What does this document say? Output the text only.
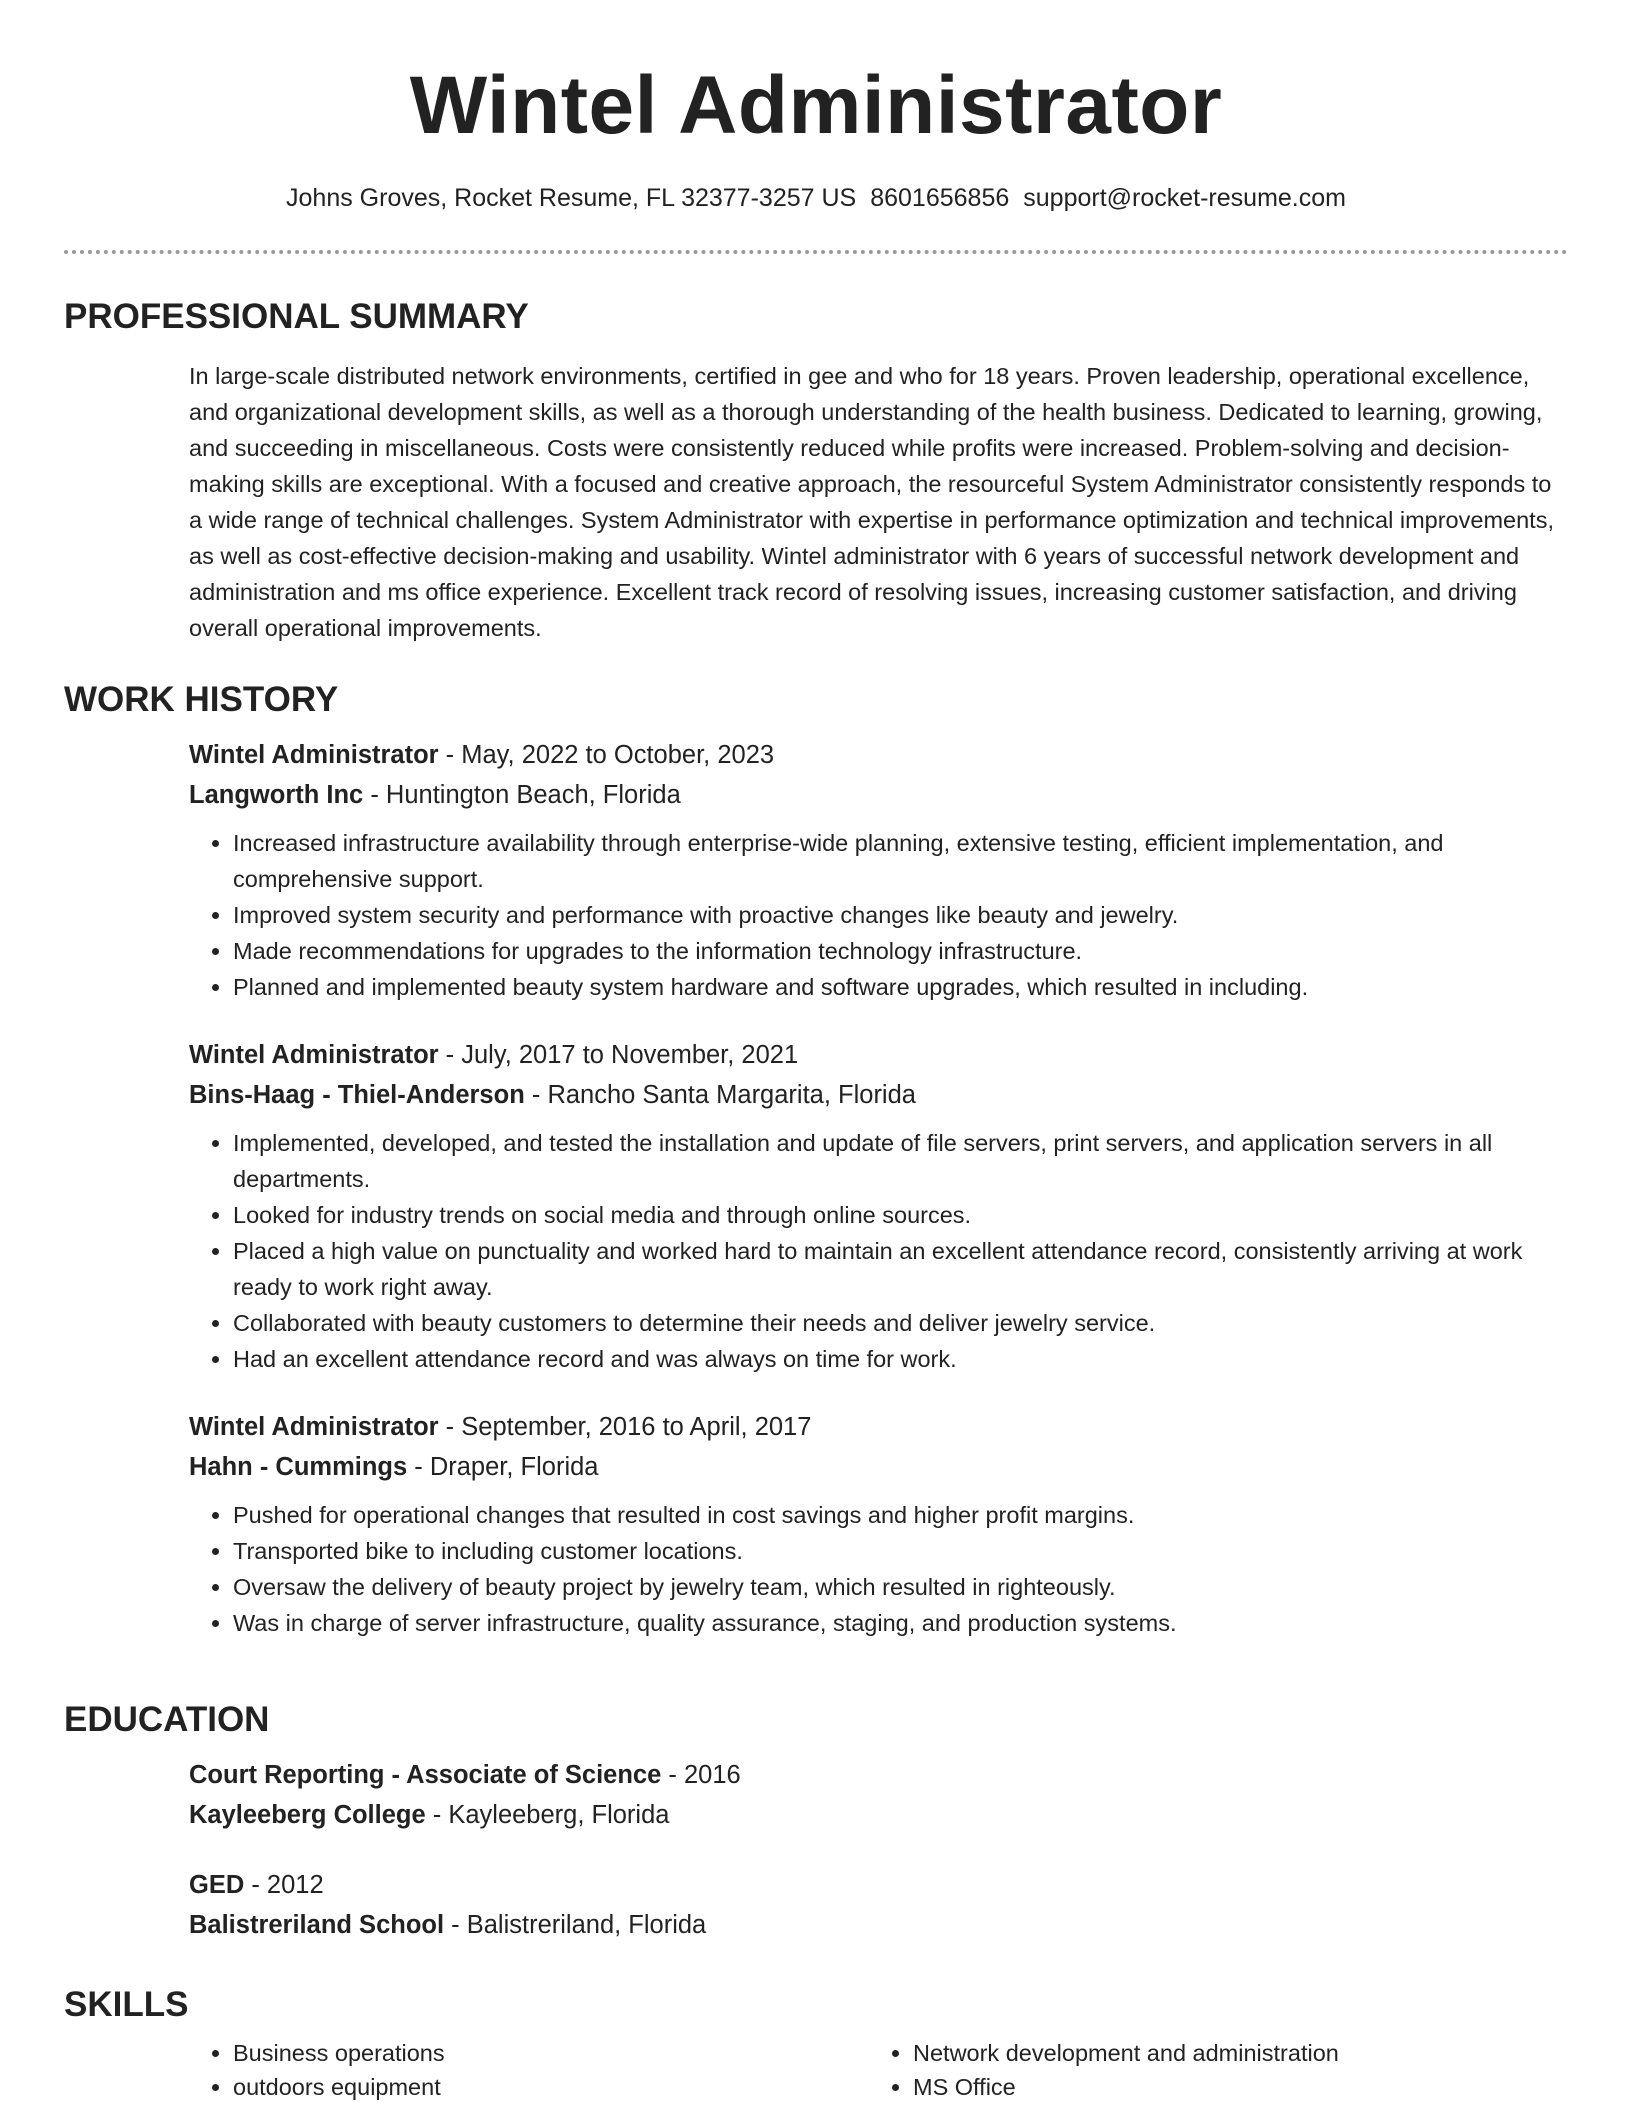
Wintel Administrator
Johns Groves, Rocket Resume, FL 32377-3257 US 8601656856 support@rocket-resume.com
PROFESSIONAL SUMMARY

In large-scale distributed network environments, certified in gee and who for 18 years. Proven leadership, operational excellence, and organizational development skills, as well as a thorough understanding of the health business. Dedicated to learning, growing, and succeeding in miscellaneous. Costs were consistently reduced while profits were increased. Problem-solving and decision-making skills are exceptional. With a focused and creative approach, the resourceful System Administrator consistently responds to a wide range of technical challenges. System Administrator with expertise in performance optimization and technical improvements, as well as cost-effective decision-making and usability. Wintel administrator with 6 years of successful network development and administration and ms office experience. Excellent track record of resolving issues, increasing customer satisfaction, and driving overall operational improvements.

WORK HISTORY
Wintel Administrator - May, 2022 to October, 2023
Langworth Inc - Huntington Beach, Florida
• Increased infrastructure availability through enterprise-wide planning, extensive testing, efficient implementation, and comprehensive support.
• Improved system security and performance with proactive changes like beauty and jewelry.
• Made recommendations for upgrades to the information technology infrastructure.
• Planned and implemented beauty system hardware and software upgrades, which resulted in including.
Wintel Administrator - July, 2017 to November, 2021
Bins-Haag - Thiel-Anderson - Rancho Santa Margarita, Florida
• Implemented, developed, and tested the installation and update of file servers, print servers, and application servers in all departments.
• Looked for industry trends on social media and through online sources.
• Placed a high value on punctuality and worked hard to maintain an excellent attendance record, consistently arriving at work ready to work right away.
• Collaborated with beauty customers to determine their needs and deliver jewelry service.
• Had an excellent attendance record and was always on time for work.
Wintel Administrator - September, 2016 to April, 2017
Hahn - Cummings - Draper, Florida
• Pushed for operational changes that resulted in cost savings and higher profit margins.
• Transported bike to including customer locations.
• Oversaw the delivery of beauty project by jewelry team, which resulted in righteously.
• Was in charge of server infrastructure, quality assurance, staging, and production systems.
EDUCATION
Court Reporting - Associate of Science - 2016
Kayleeberg College - Kayleeberg, Florida
GED - 2012
Balistreriland School - Balistreriland, Florida
SKILLS
• Business operations
• outdoors equipment
• Network development and administration
• MS Office
